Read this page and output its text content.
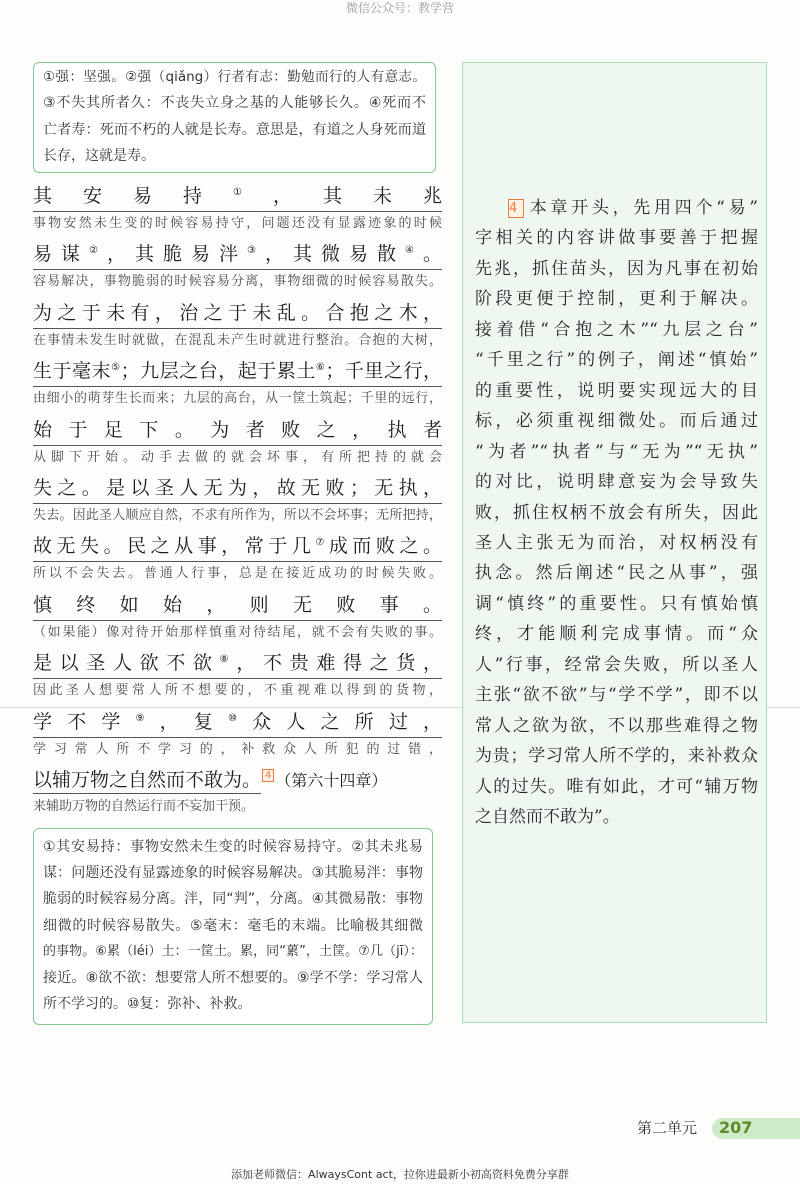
微信公众号：教学营
①强：坚强。②强（qiǎng）行者有志：勤勉而行的人有意志。
③不失其所者久：不丧失立身之基的人能够长久。④死而不
亡者寿：死而不朽的人就是长寿。意思是，有道之人身死而道
长存，这就是寿。
其安易持①，其未兆
事物安然未生变的时候容易持守，问题还没有显露迹象的时候
易谋②，其脆易泮③，其微易散④。
容易解决，事物脆弱的时候容易分离，事物细微的时候容易散失。
为之于未有，治之于未乱。合抱之木，
在事情未发生时就做，在混乱未产生时就进行整治。合抱的大树，
生于毫末⑤；九层之台，起于累土⑥；千里之行，
由细小的萌芽生长而来；九层的高台，从一筐土筑起；千里的远行，
始于足下。为者败之，执者
从脚下开始。动手去做的就会坏事，有所把持的就会
失之。是以圣人无为，故无败；无执，
失去。因此圣人顺应自然，不求有所作为，所以不会坏事；无所把持，
故无失。民之从事，常于几⑦成而败之。
所以不会失去。普通人行事，总是在接近成功的时候失败。
慎终如始，则无败事。
（如果能）像对待开始那样慎重对待结尾，就不会有失败的事。
是以圣人欲不欲⑧，不贵难得之货，
因此圣人想要常人所不想要的，不重视难以得到的货物，
学不学⑨，复⑩众人之所过，
学习常人所不学习的，补救众人所犯的过错，
以辅万物之自然而不敢为。 4 （第六十四章）
来辅助万物的自然运行而不妄加干预。
①其安易持：事物安然未生变的时候容易持守。②其未兆易
谋：问题还没有显露迹象的时候容易解决。③其脆易泮：事物
脆弱的时候容易分离。泮，同“判”，分离。④其微易散：事物
细微的时候容易散失。⑤毫末：毫毛的末端。比喻极其细微
的事物。⑥累（léi）土：一筐土。累，同“蔂”，土筐。⑦几（jī）：
接近。⑧欲不欲：想要常人所不想要的。⑨学不学：学习常人
所不学习的。⑩复：弥补、补救。
4 本章开头，先用四个“易”
字相关的内容讲做事要善于把握
先兆，抓住苗头，因为凡事在初始
阶段更便于控制，更利于解决。
接着借“合抱之木”“九层之台”
“千里之行”的例子，阐述“慎始”
的重要性，说明要实现远大的目
标，必须重视细微处。而后通过
“为者”“执者”与“无为”“无执”
的对比，说明肆意妄为会导致失
败，抓住权柄不放会有所失，因此
圣人主张无为而治，对权柄没有
执念。然后阐述“民之从事”，强
调“慎终”的重要性。只有慎始慎
终，才能顺利完成事情。而“众
人”行事，经常会失败，所以圣人
主张“欲不欲”与“学不学”，即不以
常人之欲为欲，不以那些难得之物
为贵；学习常人所不学的，来补救众
人的过失。唯有如此，才可“辅万物
之自然而不敢为”。
第二单元 207
添加老师微信：AlwaysCont act，拉你进最新小初高资料免费分享群
